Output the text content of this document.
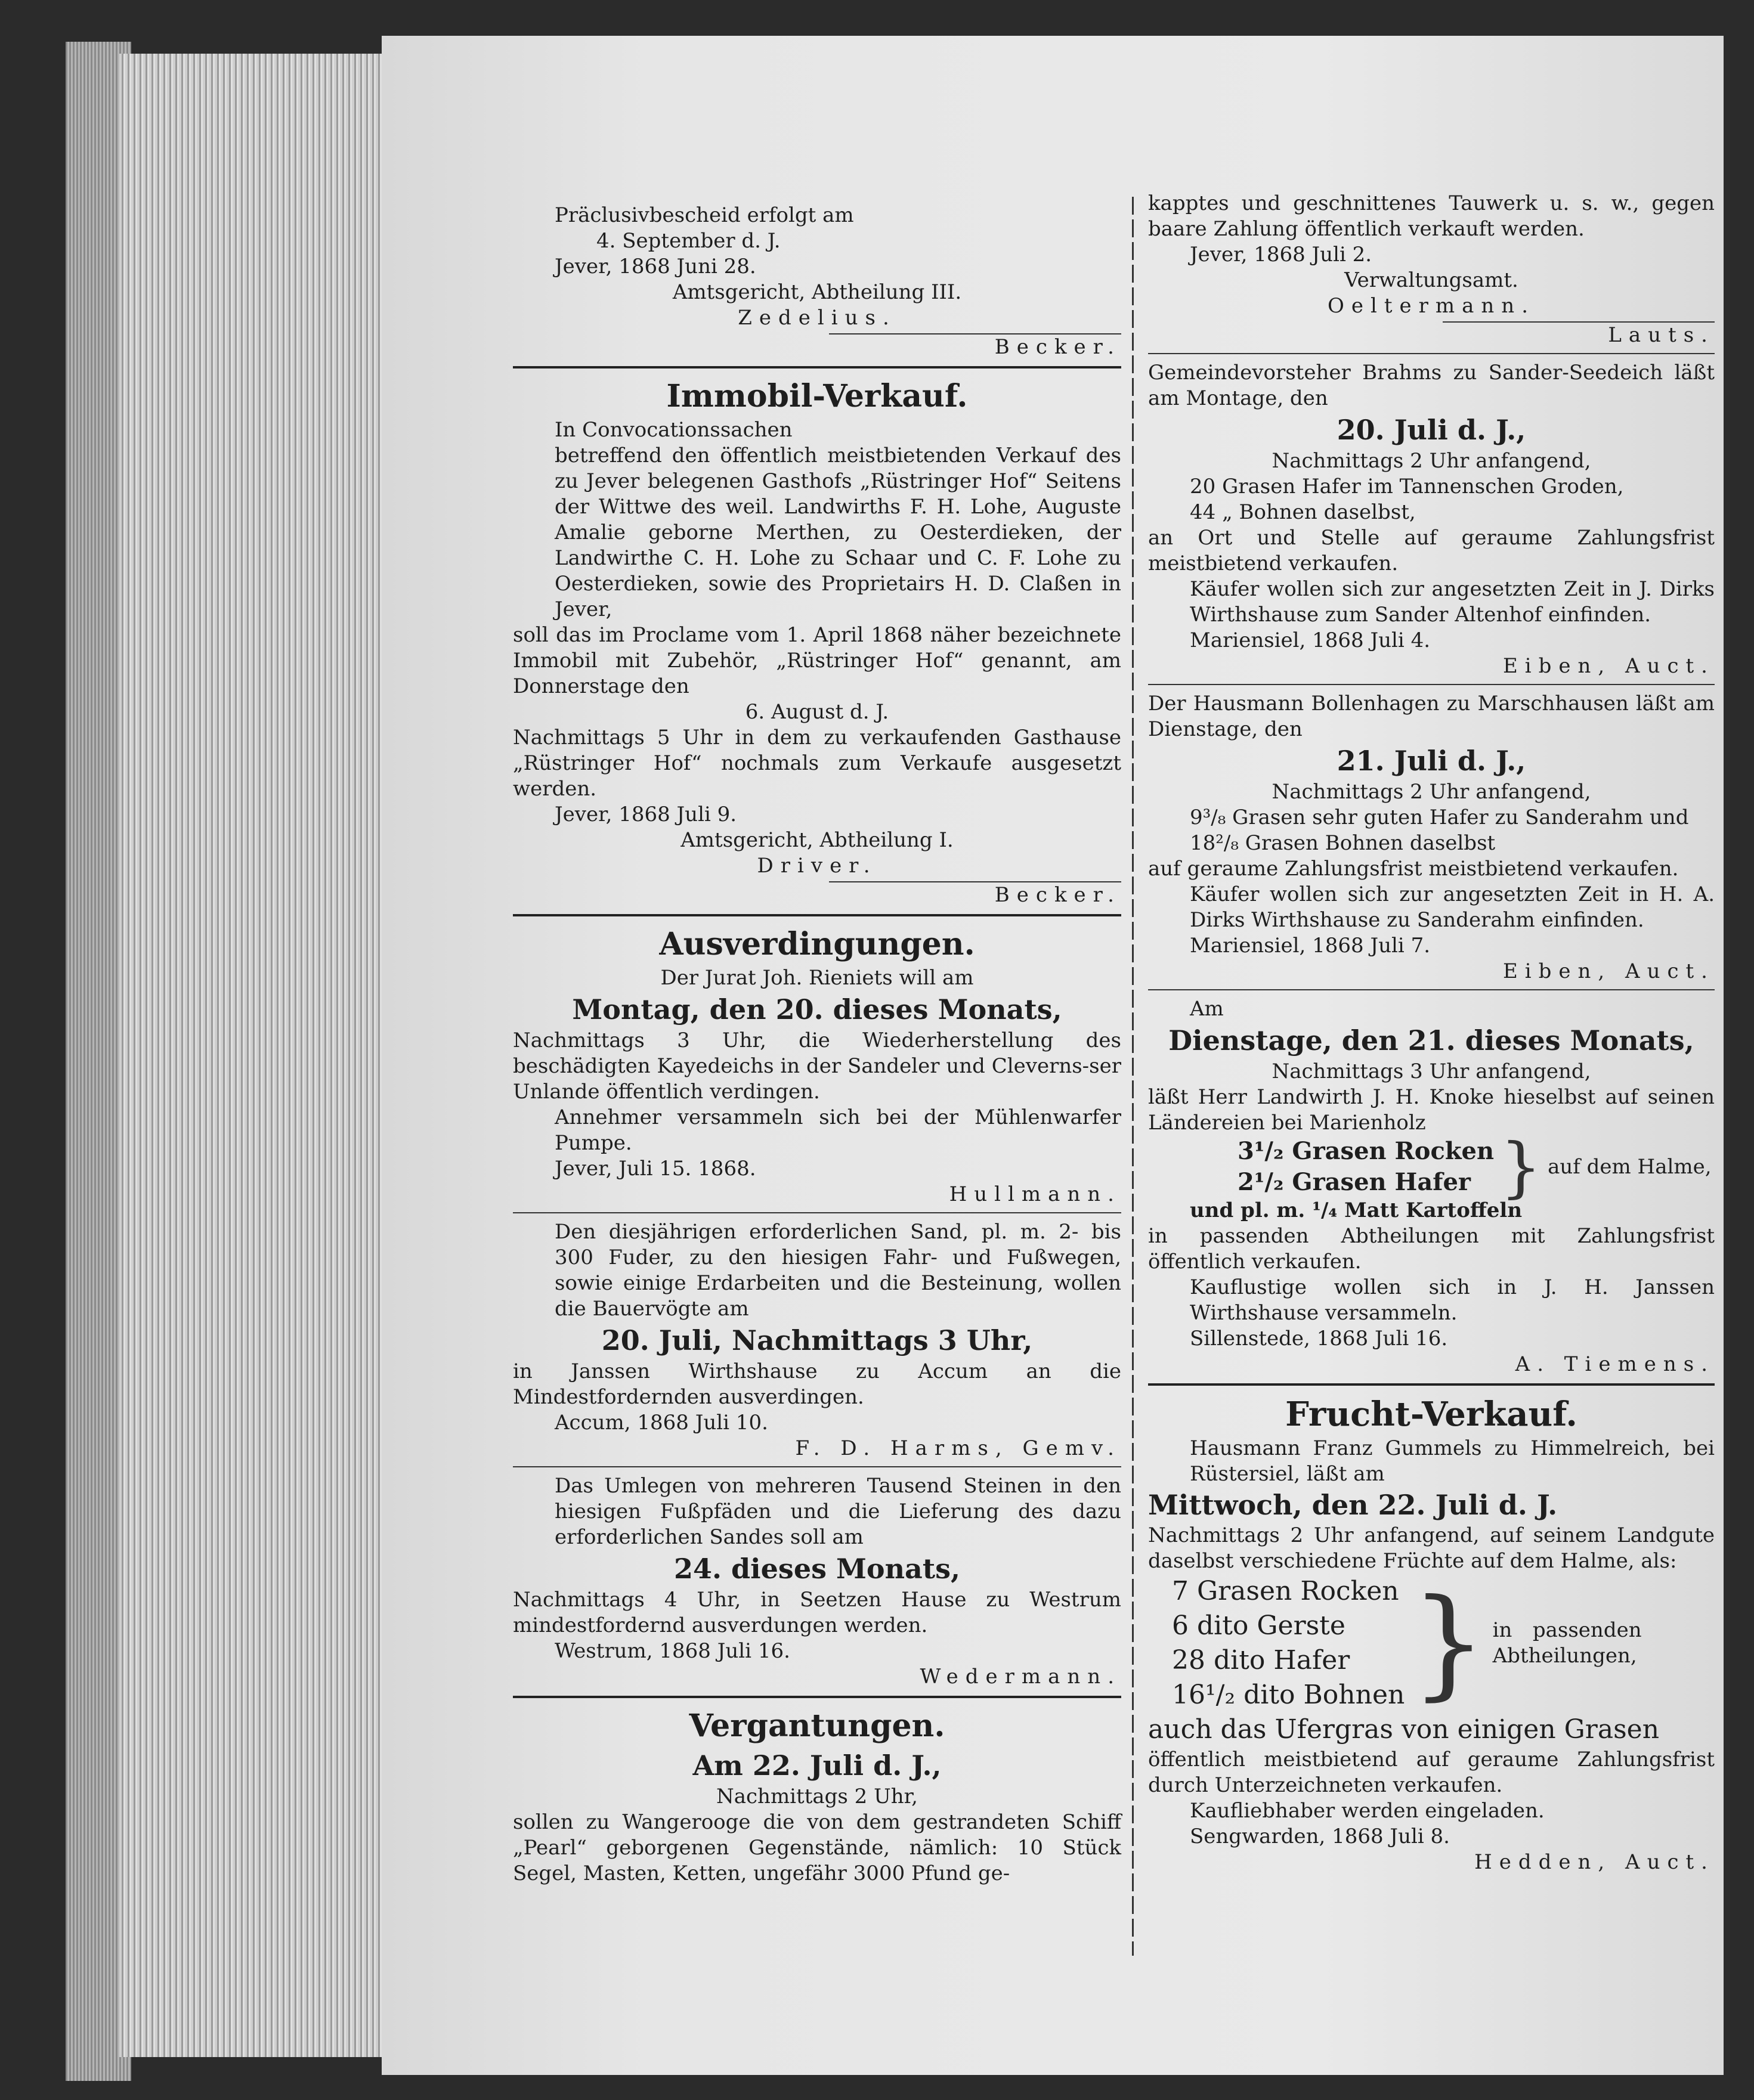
Präclusivbescheid erfolgt am

4. September d. J.

Jever, 1868 Juni 28.

Amtsgericht, Abtheilung III.

Zedelius.

Becker.

Immobil-Verkauf.

In Convocationssachen

betreffend den öffentlich meistbietenden Verkauf des zu Jever belegenen Gasthofs „Rüstringer Hof“ Seitens der Wittwe des weil. Landwirths F. H. Lohe, Auguste Amalie geborne Merthen, zu Oesterdieken, der Landwirthe C. H. Lohe zu Schaar und C. F. Lohe zu Oesterdieken, sowie des Proprietairs H. D. Claßen in Jever,

soll das im Proclame vom 1. April 1868 näher bezeichnete Immobil mit Zubehör, „Rüstringer Hof“ genannt, am Donnerstage den

6. August d. J.

Nachmittags 5 Uhr in dem zu verkaufenden Gasthause „Rüstringer Hof“ nochmals zum Verkaufe ausgesetzt werden.

Jever, 1868 Juli 9.

Amtsgericht, Abtheilung I.

Driver.

Becker.

Ausverdingungen.

Der Jurat Joh. Rieniets will am

Montag, den 20. dieses Monats,

Nachmittags 3 Uhr, die Wiederherstellung des beschädigten Kayedeichs in der Sandeler und Cleverns-ser Unlande öffentlich verdingen.

Annehmer versammeln sich bei der Mühlenwarfer Pumpe.

Jever, Juli 15. 1868.

Hullmann.

Den diesjährigen erforderlichen Sand, pl. m. 2- bis 300 Fuder, zu den hiesigen Fahr- und Fußwegen, sowie einige Erdarbeiten und die Besteinung, wollen die Bauervögte am

20. Juli, Nachmittags 3 Uhr,

in Janssen Wirthshause zu Accum an die Mindestfordernden ausverdingen.

Accum, 1868 Juli 10.

F. D. Harms, Gemv.

Das Umlegen von mehreren Tausend Steinen in den hiesigen Fußpfäden und die Lieferung des dazu erforderlichen Sandes soll am

24. dieses Monats,

Nachmittags 4 Uhr, in Seetzen Hause zu Westrum mindestfordernd ausverdungen werden.

Westrum, 1868 Juli 16.

Wedermann.

Vergantungen.

Am 22. Juli d. J.,

Nachmittags 2 Uhr,

sollen zu Wangerooge die von dem gestrandeten Schiff „Pearl“ geborgenen Gegenstände, nämlich: 10 Stück Segel, Masten, Ketten, ungefähr 3000 Pfund ge-

kapptes und geschnittenes Tauwerk u. s. w., gegen baare Zahlung öffentlich verkauft werden.

Jever, 1868 Juli 2.

Verwaltungsamt.

Oeltermann.

Lauts.

Gemeindevorsteher Brahms zu Sander-Seedeich läßt am Montage, den

20. Juli d. J.,

Nachmittags 2 Uhr anfangend,

20 Grasen Hafer im Tannenschen Groden,

44 „ Bohnen daselbst,

an Ort und Stelle auf geraume Zahlungsfrist meistbietend verkaufen.

Käufer wollen sich zur angesetzten Zeit in J. Dirks Wirthshause zum Sander Altenhof einfinden.

Mariensiel, 1868 Juli 4.

Eiben, Auct.

Der Hausmann Bollenhagen zu Marschhausen läßt am Dienstage, den

21. Juli d. J.,

Nachmittags 2 Uhr anfangend,

9³/₈ Grasen sehr guten Hafer zu Sanderahm und

18²/₈ Grasen Bohnen daselbst

auf geraume Zahlungsfrist meistbietend verkaufen.

Käufer wollen sich zur angesetzten Zeit in H. A. Dirks Wirthshause zu Sanderahm einfinden.

Mariensiel, 1868 Juli 7.

Eiben, Auct.

Am

Dienstage, den 21. dieses Monats,

Nachmittags 3 Uhr anfangend,

läßt Herr Landwirth J. H. Knoke hieselbst auf seinen Ländereien bei Marienholz

3¹/₂ Grasen Rocken

2¹/₂ Grasen Hafer } auf dem Halme,

und pl. m. ¹/₄ Matt Kartoffeln

in passenden Abtheilungen mit Zahlungsfrist öffentlich verkaufen.

Kauflustige wollen sich in J. H. Janssen Wirthshause versammeln.

Sillenstede, 1868 Juli 16.

A. Tiemens.

Frucht-Verkauf.

Hausmann Franz Gummels zu Himmelreich, bei Rüstersiel, läßt am

Mittwoch, den 22. Juli d. J.

Nachmittags 2 Uhr anfangend, auf seinem Landgute daselbst verschiedene Früchte auf dem Halme, als:

7 Grasen Rocken

6 dito Gerste

28 dito Hafer

16¹/₂ dito Bohnen } in passenden Abtheilungen,

auch das Ufergras von einigen Grasen

öffentlich meistbietend auf geraume Zahlungsfrist durch Unterzeichneten verkaufen.

Kaufliebhaber werden eingeladen.

Sengwarden, 1868 Juli 8.

Hedden, Auct.
